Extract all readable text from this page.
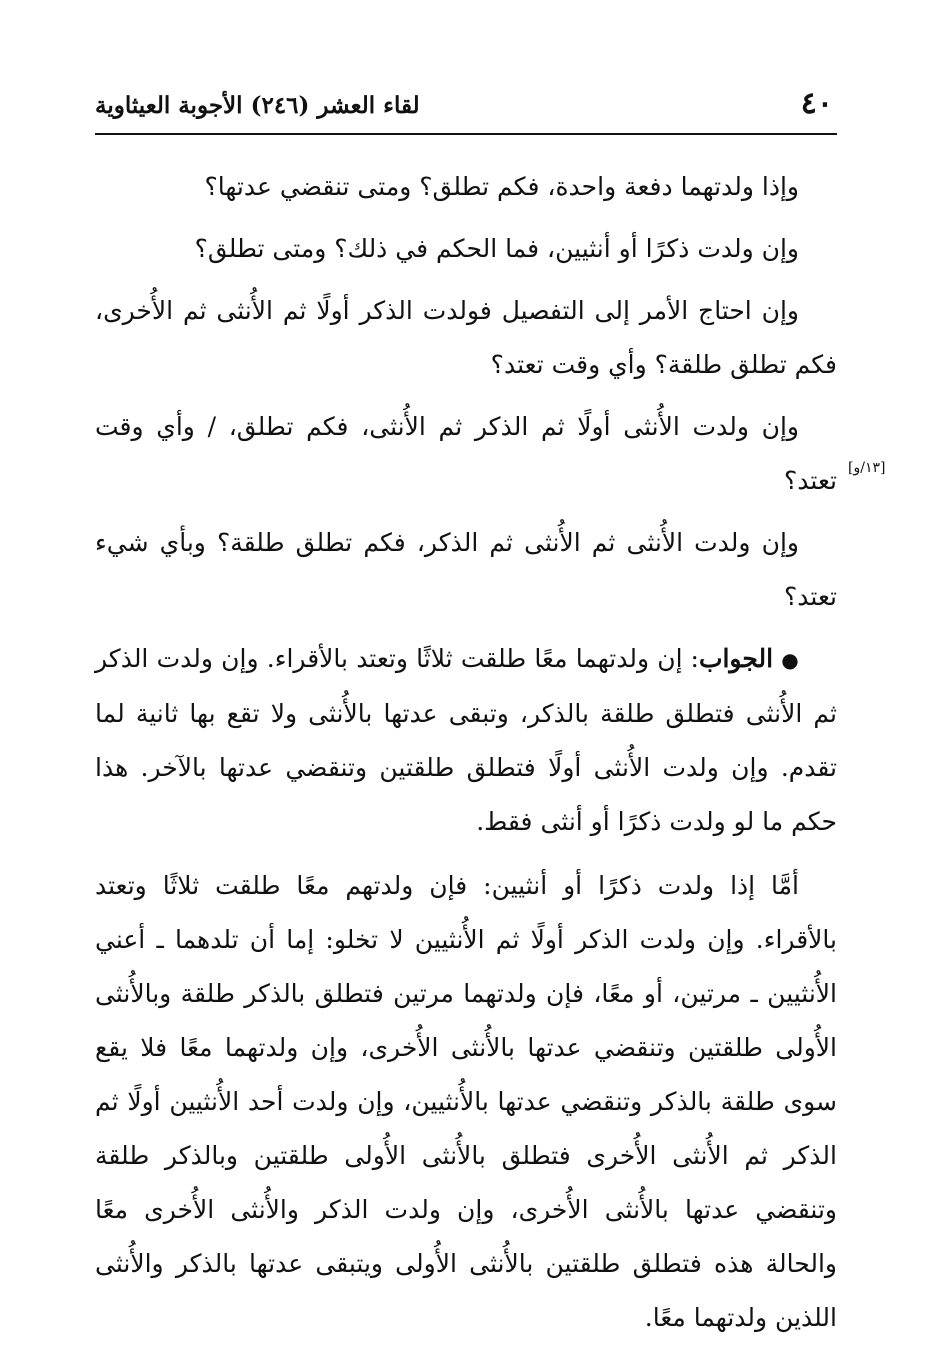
٤٠
لقاء العشر (٢٤٦) الأجوبة العيثاوية
[١٣/و]

وإذا ولدتهما دفعة واحدة، فكم تطلق؟ ومتى تنقضي عدتها؟

وإن ولدت ذكرًا أو أنثيين، فما الحكم في ذلك؟ ومتى تطلق؟

وإن احتاج الأمر إلى التفصيل فولدت الذكر أولًا ثم الأُنثى ثم الأُخرى، فكم تطلق طلقة؟ وأي وقت تعتد؟

وإن ولدت الأُنثى أولًا ثم الذكر ثم الأُنثى، فكم تطلق، / وأي وقت تعتد؟

وإن ولدت الأُنثى ثم الأُنثى ثم الذكر، فكم تطلق طلقة؟ وبأي شيء تعتد؟

● الجواب: إن ولدتهما معًا طلقت ثلاثًا وتعتد بالأقراء. وإن ولدت الذكر ثم الأُنثى فتطلق طلقة بالذكر، وتبقى عدتها بالأُنثى ولا تقع بها ثانية لما تقدم. وإن ولدت الأُنثى أولًا فتطلق طلقتين وتنقضي عدتها بالآخر. هذا حكم ما لو ولدت ذكرًا أو أنثى فقط.

أمَّا إذا ولدت ذكرًا أو أنثيين: فإن ولدتهم معًا طلقت ثلاثًا وتعتد بالأقراء. وإن ولدت الذكر أولًا ثم الأُنثيين لا تخلو: إما أن تلدهما ـ أعني الأُنثيين ـ مرتين، أو معًا، فإن ولدتهما مرتين فتطلق بالذكر طلقة وبالأُنثى الأُولى طلقتين وتنقضي عدتها بالأُنثى الأُخرى، وإن ولدتهما معًا فلا يقع سوى طلقة بالذكر وتنقضي عدتها بالأُنثيين، وإن ولدت أحد الأُنثيين أولًا ثم الذكر ثم الأُنثى الأُخرى فتطلق بالأُنثى الأُولى طلقتين وبالذكر طلقة وتنقضي عدتها بالأُنثى الأُخرى، وإن ولدت الذكر والأُنثى الأُخرى معًا والحالة هذه فتطلق طلقتين بالأُنثى الأُولى ويتبقى عدتها بالذكر والأُنثى اللذين ولدتهما معًا.
